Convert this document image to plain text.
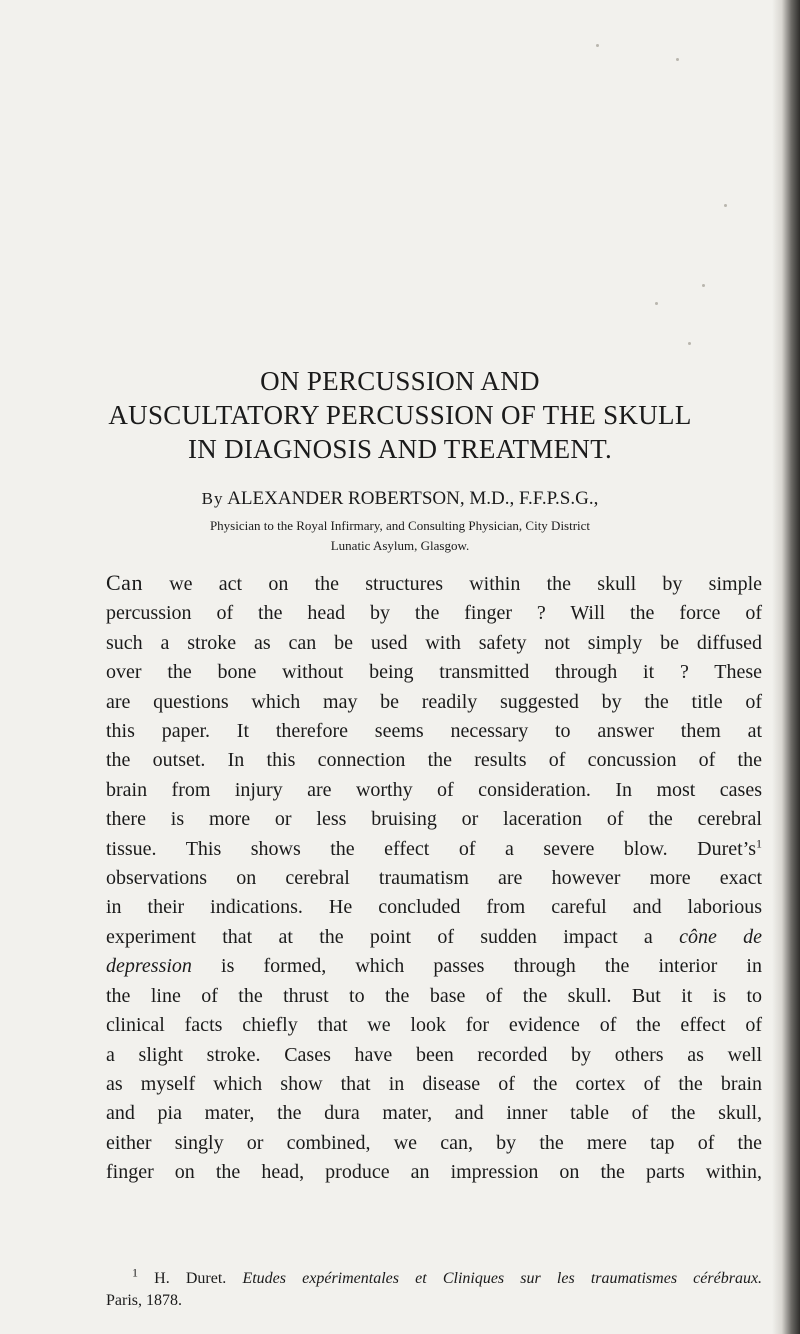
ON PERCUSSION AND
AUSCULTATORY PERCUSSION OF THE SKULL
IN DIAGNOSIS AND TREATMENT.
By ALEXANDER ROBERTSON, M.D., F.F.P.S.G.,
Physician to the Royal Infirmary, and Consulting Physician, City District
Lunatic Asylum, Glasgow.
Can we act on the structures within the skull by simple
percussion of the head by the finger ? Will the force of
such a stroke as can be used with safety not simply be diffused
over the bone without being transmitted through it ? These
are questions which may be readily suggested by the title of
this paper. It therefore seems necessary to answer them at
the outset. In this connection the results of concussion of the
brain from injury are worthy of consideration. In most cases
there is more or less bruising or laceration of the cerebral
tissue. This shows the effect of a severe blow. $Duret’s^1$
observations on cerebral traumatism are however more exact
in their indications. He concluded from careful and laborious
experiment that at the point of sudden impact a cône de
depression is formed, which passes through the interior in
the line of the thrust to the base of the skull. But it is to
clinical facts chiefly that we look for evidence of the effect of
a slight stroke. Cases have been recorded by others as well
as myself which show that in disease of the cortex of the brain
and pia mater, the dura mater, and inner table of the skull,
either singly or combined, we can, by the mere tap of the
finger on the head, produce an impression on the parts within,
$^1$ H. Duret. Etudes expérimentales et Cliniques sur les traumatismes cérébraux.
Paris, 1878.
